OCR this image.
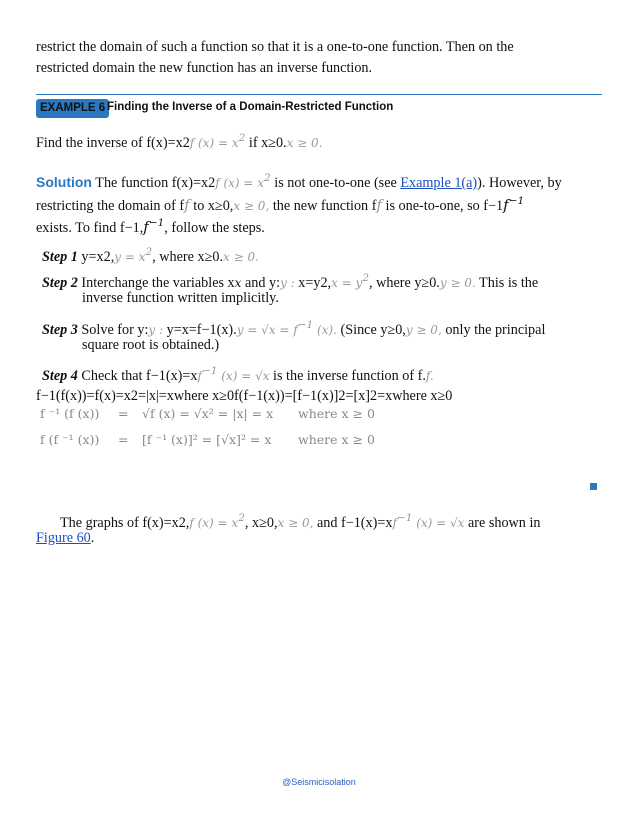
restrict the domain of such a function so that it is a one-to-one function. Then on the
restricted domain the new function has an inverse function.
EXAMPLE 6 Finding the Inverse of a Domain-Restricted Function
Find the inverse of f(x)=x2f $(x) = x^2$ if x≥0.x ≥ 0.
Solution The function f(x)=x2f $(x) = x^2$ is not one-to-one (see Example 1(a)). However, by
restricting the domain of ff to x≥0,x ≥ 0, the new function ff is one-to-one, so $f-1f^{-1}$
exists. To find $f-1,f^{-1}$, follow the steps.
Step 1 $y=x2,y = x^2$, where x≥0.x ≥ 0.
Step 2 Interchange the variables xx and y:y : $x=y2,x = y^2$, where y≥0.y ≥ 0. This is the
inverse function written implicitly.
Step 3 Solve for y:y : $y=x=f-1(x).y = √x = f^{-1}$ (x). (Since y≥0,y ≥ 0, only the principal
square root is obtained.)
Step 4 Check that $f-1(x)=xf^{-1}$ (x) = √x is the inverse function of f.f.
f−1(f(x))=f(x)=x2=|x|=xwhere x≥0f(f−1(x))=[f−1(x)]2=[x]2=xwhere x≥0
f ⁻¹ (f (x)) = √f (x) = √x² = |x| = x where x ≥ 0
f (f ⁻¹ (x)) = [f ⁻¹ (x)]² = [√x]² = x where x ≥ 0
The graphs of f(x)=x2,f $(x) = x^2$, x≥0,x ≥ 0, and $f-1(x)=xf^{-1}$ (x) = √x are shown in
Figure 60.
@Seismicisolation
